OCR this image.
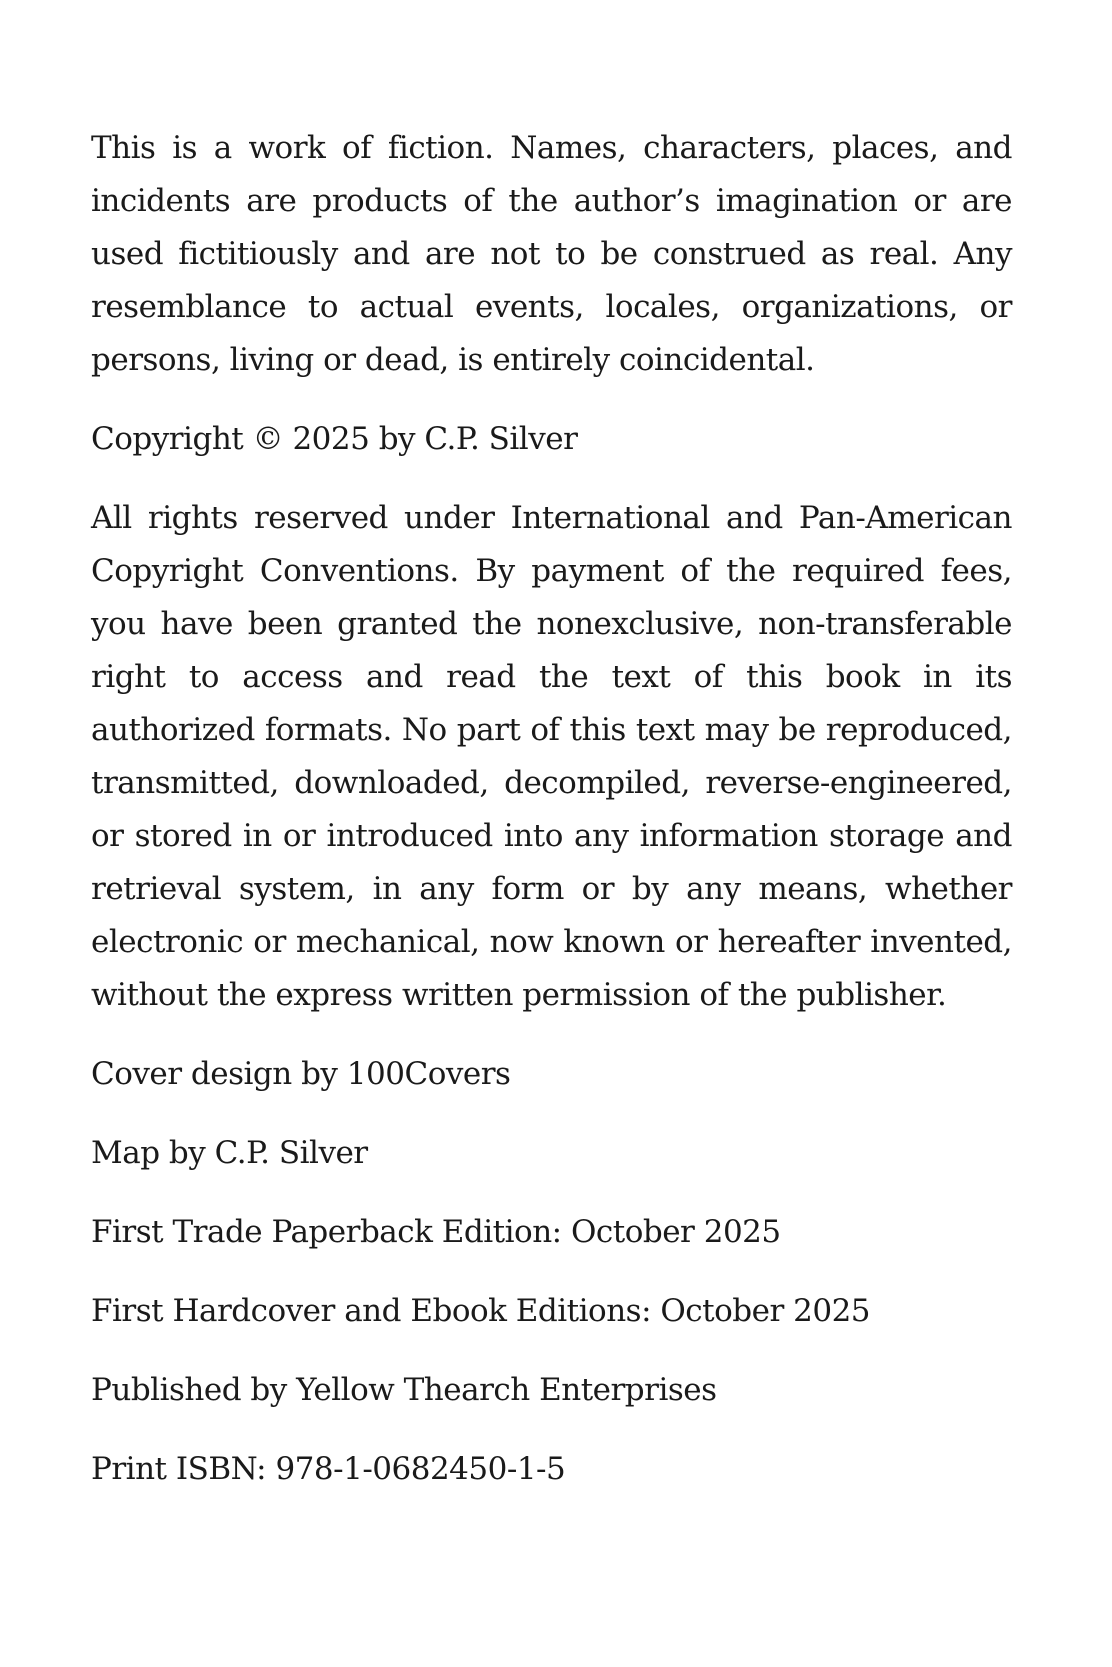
This is a work of fiction. Names, characters, places, and incidents are products of the author’s imagination or are used fictitiously and are not to be construed as real. Any resemblance to actual events, locales, organizations, or persons, living or dead, is entirely coincidental.

Copyright © 2025 by C.P. Silver

All rights reserved under International and Pan-American Copyright Conventions. By payment of the required fees, you have been granted the nonexclusive, non-transferable right to access and read the text of this book in its authorized formats. No part of this text may be reproduced, transmitted, downloaded, decompiled, reverse-engineered, or stored in or introduced into any information storage and retrieval system, in any form or by any means, whether electronic or mechanical, now known or hereafter invented, without the express written permission of the publisher.

Cover design by 100Covers

Map by C.P. Silver

First Trade Paperback Edition: October 2025

First Hardcover and Ebook Editions: October 2025

Published by Yellow Thearch Enterprises

Print ISBN: 978-1-0682450-1-5
